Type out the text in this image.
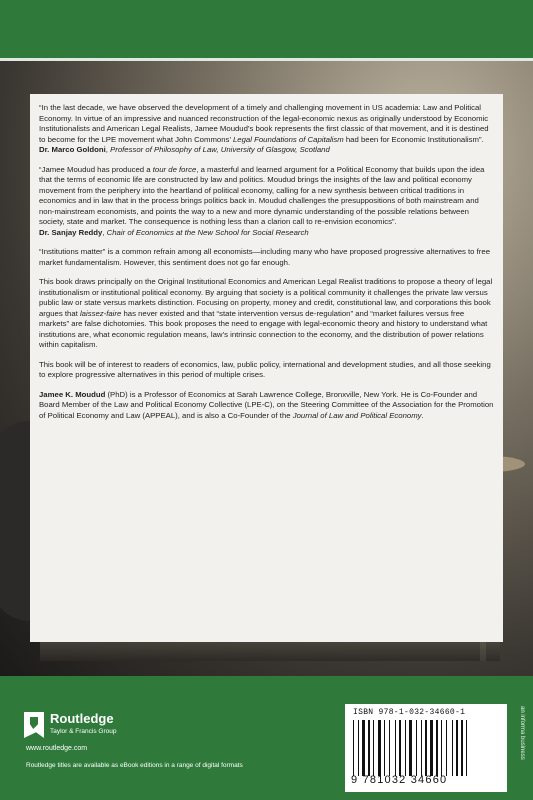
“In the last decade, we have observed the development of a timely and challenging movement in US academia: Law and Political Economy. In virtue of an impressive and nuanced reconstruction of the legal-economic nexus as originally understood by Economic Institutionalists and American Legal Realists, Jamee Moudud’s book represents the first classic of that movement, and it is destined to become for the LPE movement what John Commons’ Legal Foundations of Capitalism had been for Economic Institutionalism”.

Dr. Marco Goldoni, Professor of Philosophy of Law, University of Glasgow, Scotland

“Jamee Moudud has produced a tour de force, a masterful and learned argument for a Political Economy that builds upon the idea that the terms of economic life are constructed by law and politics. Moudud brings the insights of the law and political economy movement from the periphery into the heartland of political economy, calling for a new synthesis between critical traditions in economics and in law that in the process brings politics back in. Moudud challenges the presuppositions of both mainstream and non-mainstream economists, and points the way to a new and more dynamic understanding of the possible relations between society, state and market. The consequence is nothing less than a clarion call to re-envision economics”.

Dr. Sanjay Reddy, Chair of Economics at the New School for Social Research

“Institutions matter” is a common refrain among all economists—including many who have proposed progressive alternatives to free market fundamentalism. However, this sentiment does not go far enough.

This book draws principally on the Original Institutional Economics and American Legal Realist traditions to propose a theory of legal institutionalism or institutional political economy. By arguing that society is a political community it challenges the private law versus public law or state versus markets distinction. Focusing on property, money and credit, constitutional law, and corporations this book argues that laissez-faire has never existed and that “state intervention versus de-regulation” and “market failures versus free markets” are false dichotomies. This book proposes the need to engage with legal-economic theory and history to understand what institutions are, what economic regulation means, law’s intrinsic connection to the economy, and the distribution of power relations within capitalism.

This book will be of interest to readers of economics, law, public policy, international and development studies, and all those seeking to explore progressive alternatives in this period of multiple crises.

Jamee K. Moudud (PhD) is a Professor of Economics at Sarah Lawrence College, Bronxville, New York. He is Co-Founder and Board Member of the Law and Political Economy Collective (LPE-C), on the Steering Committee of the Association for the Promotion of Political Economy and Law (APPEAL), and is also a Co-Founder of the Journal of Law and Political Economy.

Routledge
Taylor & Francis Group
www.routledge.com
Routledge titles are available as eBook editions in a range of digital formats
ISBN 978-1-032-34660-1
9 781032 34660
an informa business
